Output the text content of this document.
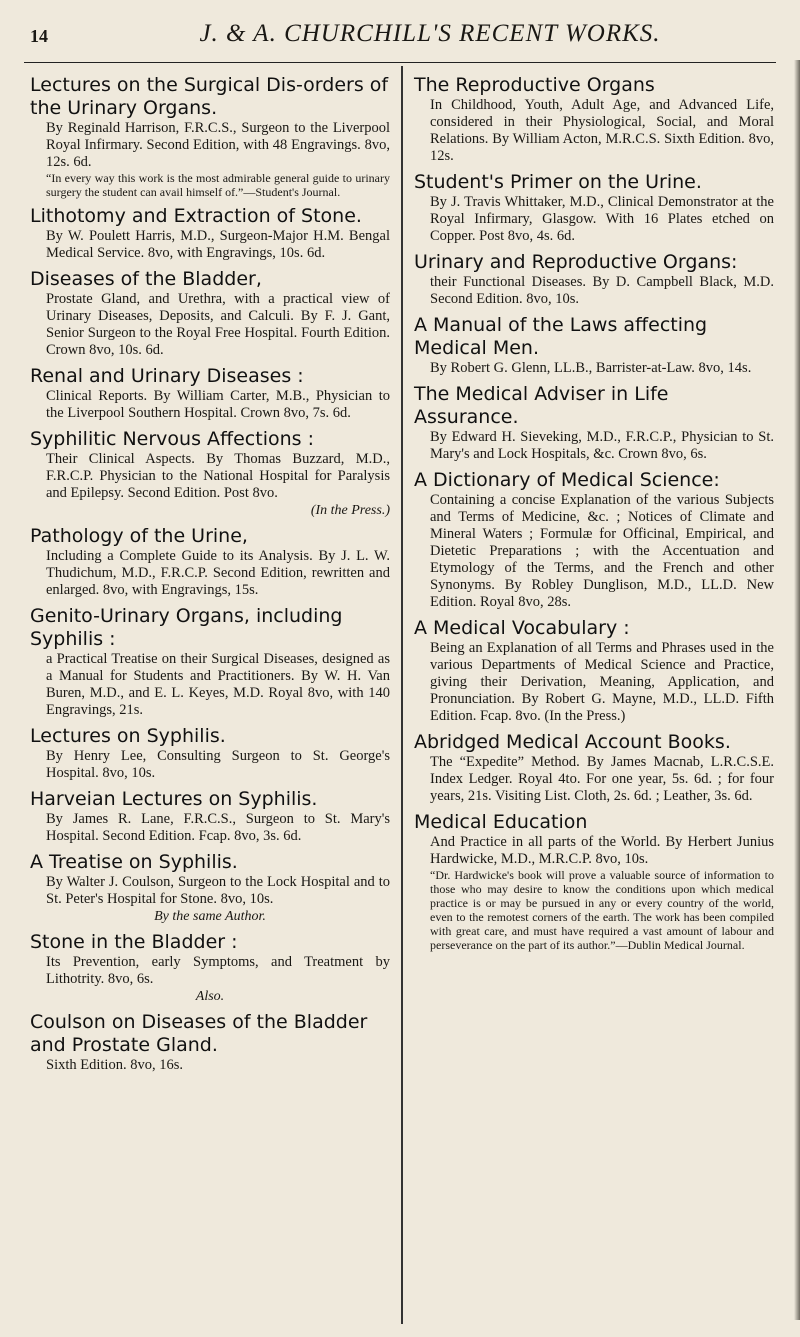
14	J. & A. CHURCHILL'S RECENT WORKS.
Lectures on the Surgical Dis-orders of the Urinary Organs.
By Reginald Harrison, F.R.C.S., Surgeon to the Liverpool Royal Infirmary. Second Edition, with 48 Engravings. 8vo, 12s. 6d.
“In every way this work is the most admirable general guide to urinary surgery the student can avail himself of.”—Student's Journal.
Lithotomy and Extraction of Stone.
By W. Poulett Harris, M.D., Surgeon-Major H.M. Bengal Medical Service. 8vo, with Engravings, 10s. 6d.
Diseases of the Bladder,
Prostate Gland, and Urethra, with a practical view of Urinary Diseases, Deposits, and Calculi. By F. J. Gant, Senior Surgeon to the Royal Free Hospital. Fourth Edition. Crown 8vo, 10s. 6d.
Renal and Urinary Diseases :
Clinical Reports. By William Carter, M.B., Physician to the Liverpool Southern Hospital. Crown 8vo, 7s. 6d.
Syphilitic Nervous Affections :
Their Clinical Aspects. By Thomas Buzzard, M.D., F.R.C.P. Physician to the National Hospital for Paralysis and Epilepsy. Second Edition. Post 8vo.
(In the Press.)
Pathology of the Urine,
Including a Complete Guide to its Analysis. By J. L. W. Thudichum, M.D., F.R.C.P. Second Edition, rewritten and enlarged. 8vo, with Engravings, 15s.
Genito-Urinary Organs, including Syphilis :
a Practical Treatise on their Surgical Diseases, designed as a Manual for Students and Practitioners. By W. H. Van Buren, M.D., and E. L. Keyes, M.D. Royal 8vo, with 140 Engravings, 21s.
Lectures on Syphilis.
By Henry Lee, Consulting Surgeon to St. George's Hospital. 8vo, 10s.
Harveian Lectures on Syphilis.
By James R. Lane, F.R.C.S., Surgeon to St. Mary's Hospital. Second Edition. Fcap. 8vo, 3s. 6d.
A Treatise on Syphilis.
By Walter J. Coulson, Surgeon to the Lock Hospital and to St. Peter's Hospital for Stone. 8vo, 10s.
By the same Author.
Stone in the Bladder :
Its Prevention, early Symptoms, and Treatment by Lithotrity. 8vo, 6s.
Also.
Coulson on Diseases of the Bladder and Prostate Gland.
Sixth Edition. 8vo, 16s.
The Reproductive Organs
In Childhood, Youth, Adult Age, and Advanced Life, considered in their Physiological, Social, and Moral Relations. By William Acton, M.R.C.S. Sixth Edition. 8vo, 12s.
Student's Primer on the Urine.
By J. Travis Whittaker, M.D., Clinical Demonstrator at the Royal Infirmary, Glasgow. With 16 Plates etched on Copper. Post 8vo, 4s. 6d.
Urinary and Reproductive Organs:
their Functional Diseases. By D. Campbell Black, M.D. Second Edition. 8vo, 10s.
A Manual of the Laws affecting Medical Men.
By Robert G. Glenn, LL.B., Barrister-at-Law. 8vo, 14s.
The Medical Adviser in Life Assurance.
By Edward H. Sieveking, M.D., F.R.C.P., Physician to St. Mary's and Lock Hospitals, &c. Crown 8vo, 6s.
A Dictionary of Medical Science:
Containing a concise Explanation of the various Subjects and Terms of Medicine, &c. ; Notices of Climate and Mineral Waters ; Formulæ for Officinal, Empirical, and Dietetic Preparations ; with the Accentuation and Etymology of the Terms, and the French and other Synonyms. By Robley Dunglison, M.D., LL.D. New Edition. Royal 8vo, 28s.
A Medical Vocabulary :
Being an Explanation of all Terms and Phrases used in the various Departments of Medical Science and Practice, giving their Derivation, Meaning, Application, and Pronunciation. By Robert G. Mayne, M.D., LL.D. Fifth Edition. Fcap. 8vo. (In the Press.)
Abridged Medical Account Books.
The “Expedite” Method. By James Macnab, L.R.C.S.E. Index Ledger. Royal 4to. For one year, 5s. 6d. ; for four years, 21s. Visiting List. Cloth, 2s. 6d. ; Leather, 3s. 6d.
Medical Education
And Practice in all parts of the World. By Herbert Junius Hardwicke, M.D., M.R.C.P. 8vo, 10s.
“Dr. Hardwicke's book will prove a valuable source of information to those who may desire to know the conditions upon which medical practice is or may be pursued in any or every country of the world, even to the remotest corners of the earth. The work has been compiled with great care, and must have required a vast amount of labour and perseverance on the part of its author.”—Dublin Medical Journal.
